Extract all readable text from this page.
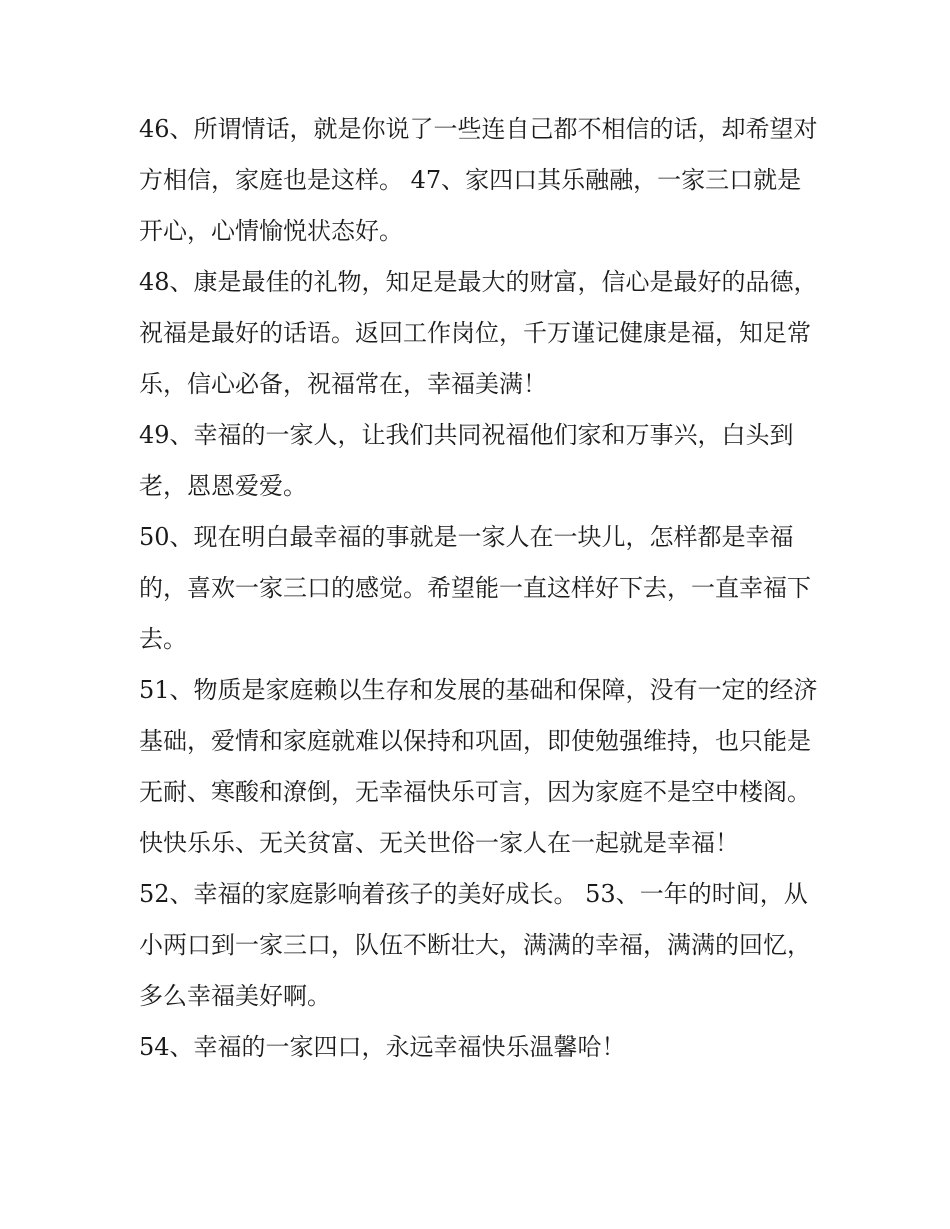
46、所谓情话，就是你说了一些连自己都不相信的话，却希望对方相信，家庭也是这样。 47、家四口其乐融融，一家三口就是开心，心情愉悦状态好。

48、康是最佳的礼物，知足是最大的财富，信心是最好的品德，祝福是最好的话语。返回工作岗位，千万谨记健康是福，知足常乐，信心必备，祝福常在，幸福美满！

49、幸福的一家人，让我们共同祝福他们家和万事兴，白头到老，恩恩爱爱。

50、现在明白最幸福的事就是一家人在一块儿，怎样都是幸福的，喜欢一家三口的感觉。希望能一直这样好下去，一直幸福下去。

51、物质是家庭赖以生存和发展的基础和保障，没有一定的经济基础，爱情和家庭就难以保持和巩固，即使勉强维持，也只能是无耐、寒酸和潦倒，无幸福快乐可言，因为家庭不是空中楼阁。快快乐乐、无关贫富、无关世俗一家人在一起就是幸福！

52、幸福的家庭影响着孩子的美好成长。 53、一年的时间，从小两口到一家三口，队伍不断壮大，满满的幸福，满满的回忆，多么幸福美好啊。

54、幸福的一家四口，永远幸福快乐温馨哈！
